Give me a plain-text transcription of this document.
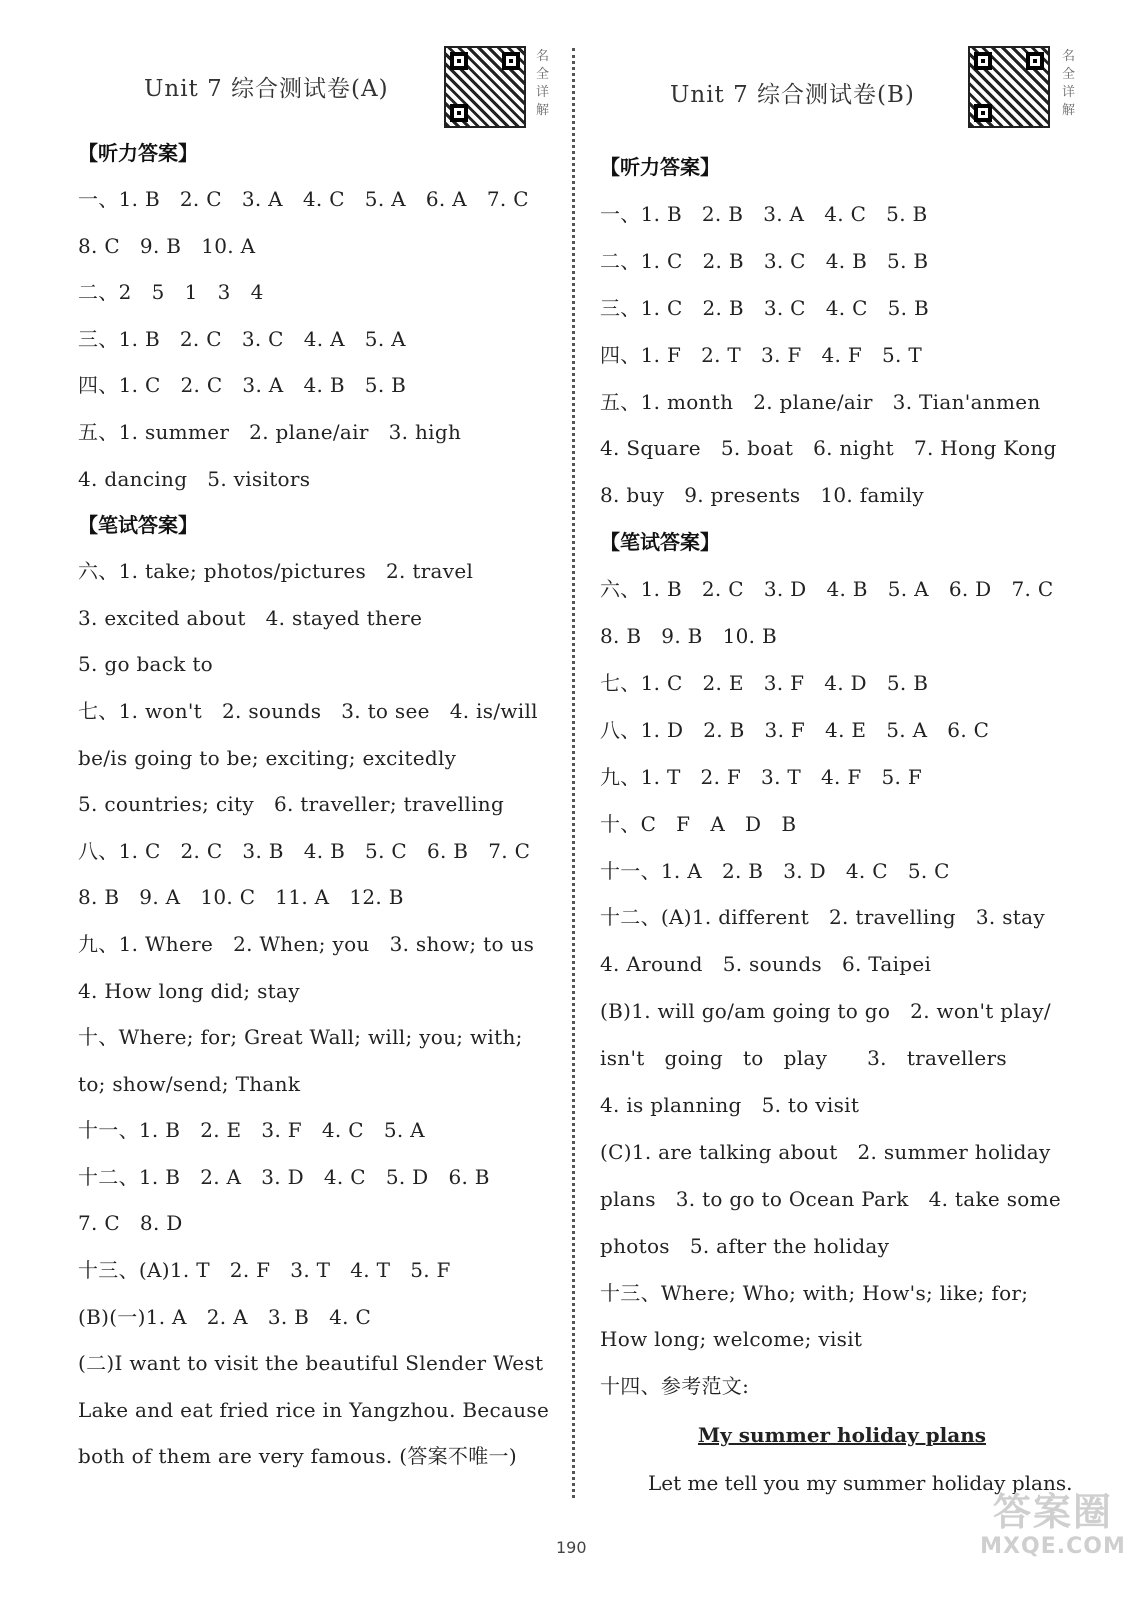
Unit 7 综合测试卷(A)
名
全
详
解
【听力答案】
一、1. B   2. C   3. A   4. C   5. A   6. A   7. C
8. C   9. B   10. A
二、2   5   1   3   4
三、1. B   2. C   3. C   4. A   5. A
四、1. C   2. C   3. A   4. B   5. B
五、1. summer   2. plane/air   3. high
4. dancing   5. visitors
【笔试答案】
六、1. take; photos/pictures   2. travel
3. excited about   4. stayed there
5. go back to
七、1. won't   2. sounds   3. to see   4. is/will
be/is going to be; exciting; excitedly
5. countries; city   6. traveller; travelling
八、1. C   2. C   3. B   4. B   5. C   6. B   7. C
8. B   9. A   10. C   11. A   12. B
九、1. Where   2. When; you   3. show; to us
4. How long did; stay
十、Where; for; Great Wall; will; you; with;
to; show/send; Thank
十一、1. B   2. E   3. F   4. C   5. A
十二、1. B   2. A   3. D   4. C   5. D   6. B
7. C   8. D
十三、(A)1. T   2. F   3. T   4. T   5. F
(B)(一)1. A   2. A   3. B   4. C
(二)I want to visit the beautiful Slender West
Lake and eat fried rice in Yangzhou. Because
both of them are very famous. (答案不唯一)
Unit 7 综合测试卷(B)
名
全
详
解
【听力答案】
一、1. B   2. B   3. A   4. C   5. B
二、1. C   2. B   3. C   4. B   5. B
三、1. C   2. B   3. C   4. C   5. B
四、1. F   2. T   3. F   4. F   5. T
五、1. month   2. plane/air   3. Tian'anmen
4. Square   5. boat   6. night   7. Hong Kong
8. buy   9. presents   10. family
【笔试答案】
六、1. B   2. C   3. D   4. B   5. A   6. D   7. C
8. B   9. B   10. B
七、1. C   2. E   3. F   4. D   5. B
八、1. D   2. B   3. F   4. E   5. A   6. C
九、1. T   2. F   3. T   4. F   5. F
十、C   F   A   D   B
十一、1. A   2. B   3. D   4. C   5. C
十二、(A)1. different   2. travelling   3. stay
4. Around   5. sounds   6. Taipei
(B)1. will go/am going to go   2. won't play/
isn't   going   to   play      3.   travellers
4. is planning   5. to visit
(C)1. are talking about   2. summer holiday
plans   3. to go to Ocean Park   4. take some
photos   5. after the holiday
十三、Where; Who; with; How's; like; for;
How long; welcome; visit
十四、参考范文:
My summer holiday plans
Let me tell you my summer holiday plans.
190
答案圈
MXQE.COM
